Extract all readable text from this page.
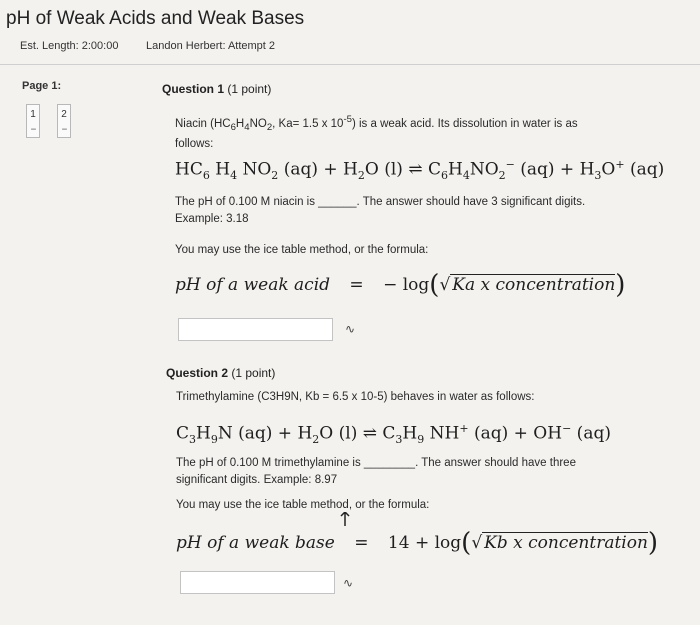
pH of Weak Acids and Weak Bases
Est. Length: 2:00:00	Landon Herbert: Attempt 2
Page 1:
1
--
2
--
Question 1 (1 point)
Niacin ($HC_6H_4NO_2$, Ka= 1.5 x $10^{-5}$) is a weak acid. Its dissolution in water is as
follows:
$HC_6$ $H_4$ $NO_2$ $(aq) + H_2O$ (l) ⇌ $C_6H_4NO_2^-$ $(aq) + H_3O^+$ (aq)
The pH of 0.100 M niacin is ______. The answer should have 3 significant digits.
Example: 3.18
You may use the ice table method, or the formula:
pH of a weak acid = − log(√ Ka x concentration)
∿
Question 2 (1 point)
Trimethylamine (C3H9N, Kb = 6.5 x 10-5) behaves in water as follows:
$C_3H_9N$ $(aq) + H_2O$ (l) ⇌ $C_3H_9$ NH+ (aq) + OH− (aq)
The pH of 0.100 M trimethylamine is ________. The answer should have three
significant digits. Example: 8.97
You may use the ice table method, or the formula:
pH of a weak base = 14 + log(√ Kb x concentration)
∿
